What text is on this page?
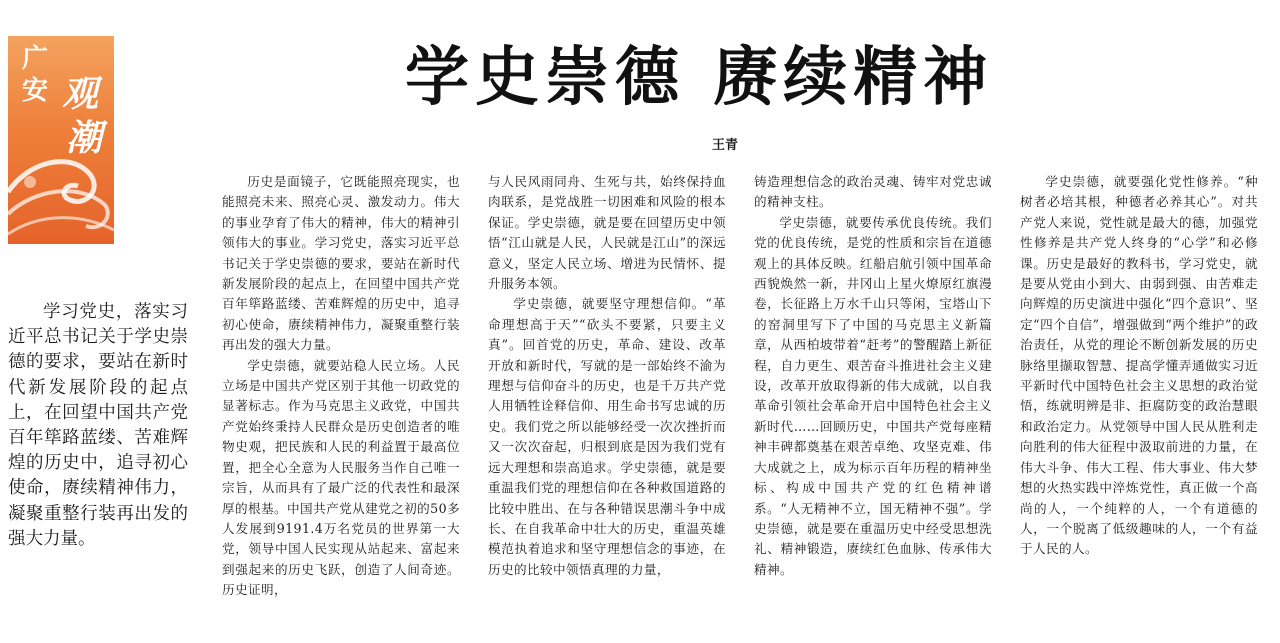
广
安 观
潮
学史崇德 赓续精神
王青
学习党史，落实习近平总书记关于学史崇德的要求，要站在新时代新发展阶段的起点上，在回望中国共产党百年筚路蓝缕、苦难辉煌的历史中，追寻初心使命，赓续精神伟力，凝聚重整行装再出发的强大力量。

历史是面镜子，它既能照亮现实，也能照亮未来、照亮心灵、激发动力。伟大的事业孕育了伟大的精神，伟大的精神引领伟大的事业。学习党史，落实习近平总书记关于学史崇德的要求，要站在新时代新发展阶段的起点上，在回望中国共产党百年筚路蓝缕、苦难辉煌的历史中，追寻初心使命，赓续精神伟力，凝聚重整行装再出发的强大力量。

学史崇德，就要站稳人民立场。人民立场是中国共产党区别于其他一切政党的显著标志。作为马克思主义政党，中国共产党始终秉持人民群众是历史创造者的唯物史观，把民族和人民的利益置于最高位置，把全心全意为人民服务当作自己唯一宗旨，从而具有了最广泛的代表性和最深厚的根基。中国共产党从建党之初的50多人发展到9191.4万名党员的世界第一大党，领导中国人民实现从站起来、富起来到强起来的历史飞跃，创造了人间奇迹。历史证明，

与人民风雨同舟、生死与共，始终保持血肉联系，是党战胜一切困难和风险的根本保证。学史崇德，就是要在回望历史中领悟“江山就是人民，人民就是江山”的深远意义，坚定人民立场、增进为民情怀、提升服务本领。

学史崇德，就要坚守理想信仰。“革命理想高于天”“砍头不要紧，只要主义真”。回首党的历史，革命、建设、改革开放和新时代，写就的是一部始终不渝为理想与信仰奋斗的历史，也是千万共产党人用牺牲诠释信仰、用生命书写忠诚的历史。我们党之所以能够经受一次次挫折而又一次次奋起，归根到底是因为我们党有远大理想和崇高追求。学史崇德，就是要重温我们党的理想信仰在各种救国道路的比较中胜出、在与各种错误思潮斗争中成长、在自我革命中壮大的历史，重温英雄模范执着追求和坚守理想信念的事迹，在历史的比较中领悟真理的力量，

铸造理想信念的政治灵魂、铸牢对党忠诚的精神支柱。

学史崇德，就要传承优良传统。我们党的优良传统，是党的性质和宗旨在道德观上的具体反映。红船启航引领中国革命西貌焕然一新，井冈山上星火燎原红旗漫卷，长征路上万水千山只等闲，宝塔山下的窑洞里写下了中国的马克思主义新篇章，从西柏坡带着“赶考”的警醒踏上新征程，自力更生、艰苦奋斗推进社会主义建设，改革开放取得新的伟大成就，以自我革命引领社会革命开启中国特色社会主义新时代……回顾历史，中国共产党每座精神丰碑都奠基在艰苦卓绝、攻坚克难、伟大成就之上，成为标示百年历程的精神坐标、构成中国共产党的红色精神谱系。“人无精神不立，国无精神不强”。学史崇德，就是要在重温历史中经受思想洗礼、精神锻造，赓续红色血脉、传承伟大精神。

学史崇德，就要强化党性修养。“种树者必培其根，种德者必养其心”。对共产党人来说，党性就是最大的德，加强党性修养是共产党人终身的“心学”和必修课。历史是最好的教科书，学习党史，就是要从党由小到大、由弱到强、由苦难走向辉煌的历史演进中强化“四个意识”、坚定“四个自信”，增强做到“两个维护”的政治责任，从党的理论不断创新发展的历史脉络里撷取智慧、提高学懂弄通做实习近平新时代中国特色社会主义思想的政治觉悟，练就明辨是非、拒腐防变的政治慧眼和政治定力。从党领导中国人民从胜利走向胜利的伟大征程中汲取前进的力量，在伟大斗争、伟大工程、伟大事业、伟大梦想的火热实践中淬炼党性，真正做一个高尚的人，一个纯粹的人，一个有道德的人，一个脱离了低级趣味的人，一个有益于人民的人。
